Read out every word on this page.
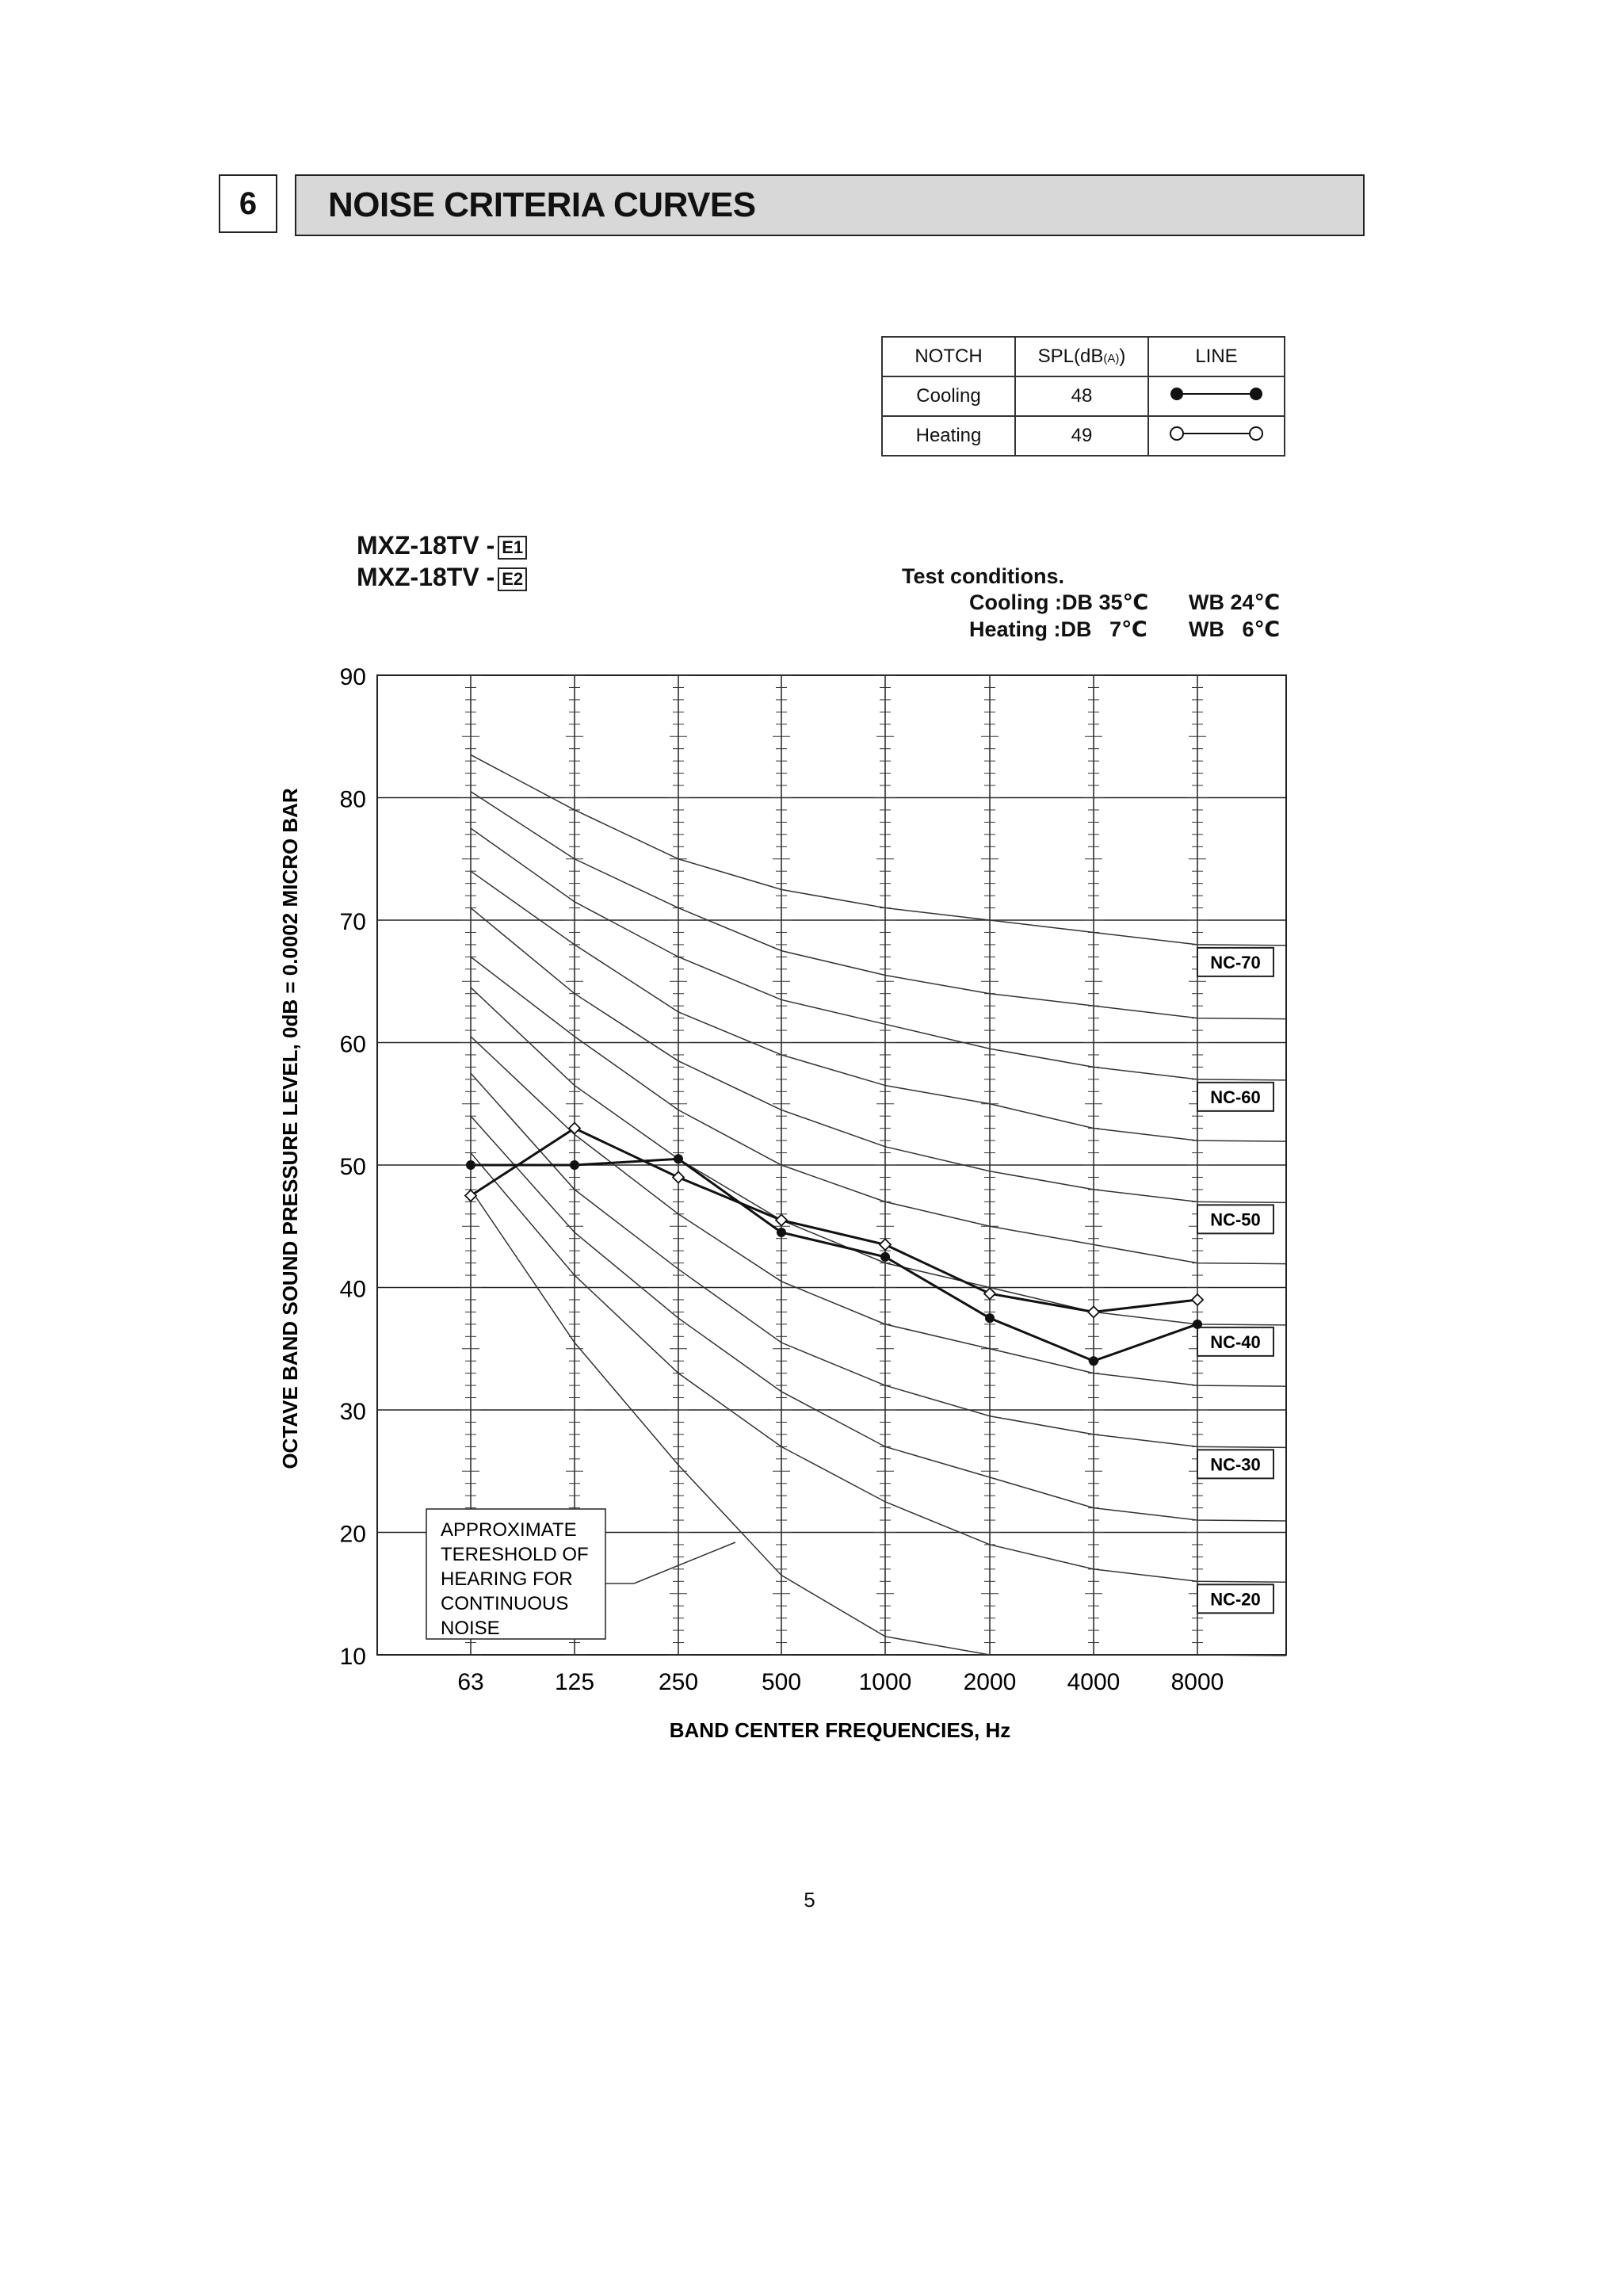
6	NOISE CRITERIA CURVES
NOTCH	SPL(dB(A))	LINE
Cooling	48	
Heating	49	
MXZ-18TV - E1
MXZ-18TV - E2	Test conditions.
Cooling :DB 35℃ WB 24℃
Heating :DB   7℃ WB   6℃
10
20
30
40
50
60
70
80
90
63	125	250	500 1000 2000 4000 8000
NC-70
NC-60
NC-50
NC-40
NC-30
NC-20
APPROXIMATE TERESHOLD OF HEARING FOR CONTINUOUS NOISE
BAND CENTER FREQUENCIES, Hz
OCTAVE BAND SOUND PRESSURE LEVEL, 0dB = 0.0002 MICRO BAR
5
